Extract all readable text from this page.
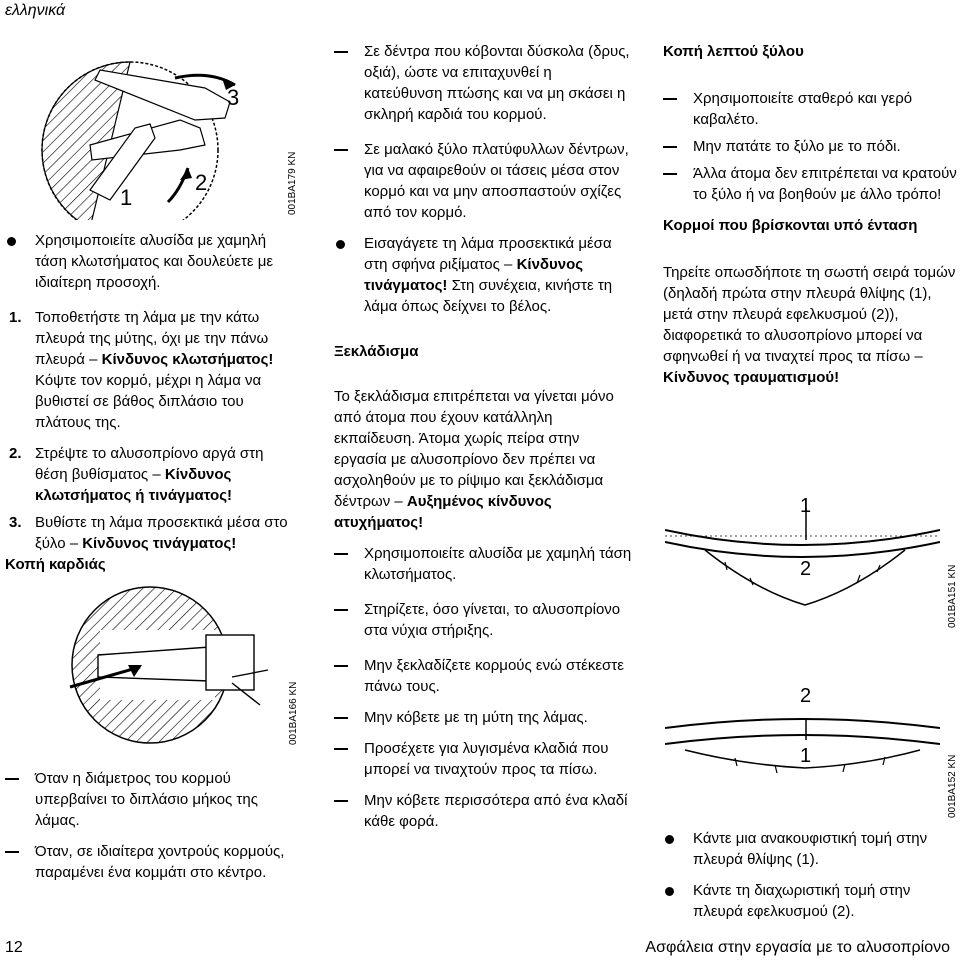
ελληνικά
1
2
3
001BA179 KN
Χρησιμοποιείτε αλυσίδα με χαμηλή τάση κλωτσήματος και δουλεύετε με ιδιαίτερη προσοχή.
1. Τοποθετήστε τη λάμα με την κάτω πλευρά της μύτης, όχι με την πάνω πλευρά – Κίνδυνος κλωτσήματος! Κόψτε τον κορμό, μέχρι η λάμα να βυθιστεί σε βάθος διπλάσιο του πλάτους της.
2. Στρέψτε το αλυσοπρίονο αργά στη θέση βυθίσματος – Κίνδυνος κλωτσήματος ή τινάγματος!
3. Βυθίστε τη λάμα προσεκτικά μέσα στο ξύλο – Κίνδυνος τινάγματος!
Κοπή καρδιάς
001BA166 KN
Όταν η διάμετρος του κορμού υπερβαίνει το διπλάσιο μήκος της λάμας.
Όταν, σε ιδιαίτερα χοντρούς κορμούς, παραμένει ένα κομμάτι στο κέντρο.
Σε δέντρα που κόβονται δύσκολα (δρυς, οξιά), ώστε να επιταχυνθεί η κατεύθυνση πτώσης και να μη σκάσει η σκληρή καρδιά του κορμού.
Σε μαλακό ξύλο πλατύφυλλων δέντρων, για να αφαιρεθούν οι τάσεις μέσα στον κορμό και να μην αποσπαστούν σχίζες από τον κορμό.
Εισαγάγετε τη λάμα προσεκτικά μέσα στη σφήνα ριξίματος – Κίνδυνος τινάγματος! Στη συνέχεια, κινήστε τη λάμα όπως δείχνει το βέλος.
Ξεκλάδισμα
Το ξεκλάδισμα επιτρέπεται να γίνεται μόνο από άτομα που έχουν κατάλληλη εκπαίδευση. Άτομα χωρίς πείρα στην εργασία με αλυσοπρίονο δεν πρέπει να ασχοληθούν με το ρίψιμο και ξεκλάδισμα δέντρων – Αυξημένος κίνδυνος ατυχήματος!
Χρησιμοποιείτε αλυσίδα με χαμηλή τάση κλωτσήματος.
Στηρίζετε, όσο γίνεται, το αλυσοπρίονο στα νύχια στήριξης.
Μην ξεκλαδίζετε κορμούς ενώ στέκεστε πάνω τους.
Μην κόβετε με τη μύτη της λάμας.
Προσέχετε για λυγισμένα κλαδιά που μπορεί να τιναχτούν προς τα πίσω.
Μην κόβετε περισσότερα από ένα κλαδί κάθε φορά.
Κοπή λεπτού ξύλου
Χρησιμοποιείτε σταθερό και γερό καβαλέτο.
Μην πατάτε το ξύλο με το πόδι.
Άλλα άτομα δεν επιτρέπεται να κρατούν το ξύλο ή να βοηθούν με άλλο τρόπο!
Κορμοί που βρίσκονται υπό ένταση
Τηρείτε οπωσδήποτε τη σωστή σειρά τομών (δηλαδή πρώτα στην πλευρά θλίψης (1), μετά στην πλευρά εφελκυσμού (2)), διαφορετικά το αλυσοπρίονο μπορεί να σφηνωθεί ή να τιναχτεί προς τα πίσω – Κίνδυνος τραυματισμού!
1
2	001BA151 KN
2
1	001BA152 KN
Κάντε μια ανακουφιστική τομή στην πλευρά θλίψης (1).
Κάντε τη διαχωριστική τομή στην πλευρά εφελκυσμού (2).
12	Ασφάλεια στην εργασία με το αλυσοπρίονο
